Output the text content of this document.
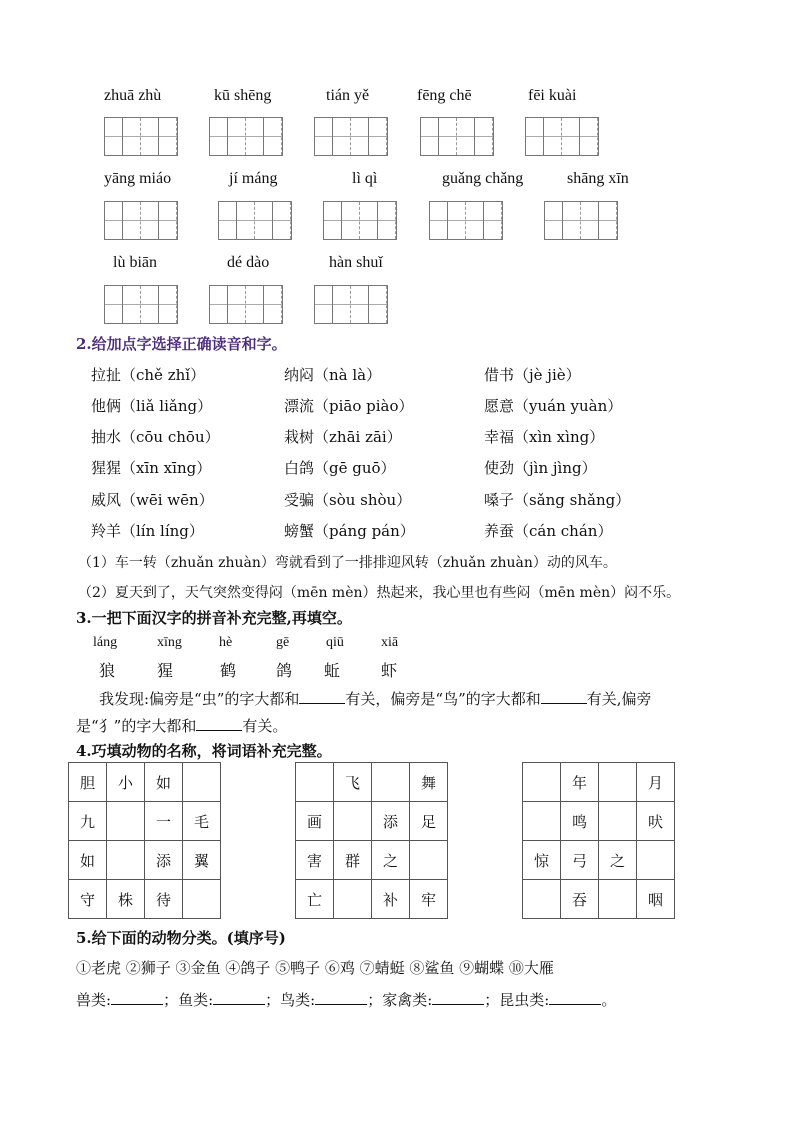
zhuā zhù	kū shēng	tián yě	fēng chē	fēi kuài
yāng miáo	jí máng	lì qì	guǎng chǎng	shāng xīn
lù biān	dé dào	hàn shuǐ
2.给加点字选择正确读音和字。
拉扯（chě zhǐ）	纳闷（nà là）	借书（jè jiè）
他俩（liǎ liǎng）	漂流（piāo piào）	愿意（yuán yuàn）
抽水（cōu chōu）	栽树（zhāi zāi）	幸福（xìn xìng）
猩猩（xīn xīng）	白鸽（gē guō）	使劲（jìn jìng）
威风（wēi wēn）	受骗（sòu shòu）	嗓子（sǎng shǎng）
羚羊（lín líng）	螃蟹（páng pán）	养蚕（cán chán）
（1）车一转（zhuǎn zhuàn）弯就看到了一排排迎风转（zhuǎn zhuàn）动的风车。
（2）夏天到了，天气突然变得闷（mēn mèn）热起来，我心里也有些闷（mēn mèn）闷不乐。
3.一把下面汉字的拼音补充完整,再填空。
láng	xīng	hè	gē	qiū	xiā
狼	猩	鹤 鸽 蚯	虾
我发现:偏旁是“虫”的字大都和	有关，偏旁是“鸟”的字大都和	有关,偏旁
是“犭”的字大都和	有关。
4.巧填动物的名称，将词语补充完整。
胆	小	如	
九		一	毛
如		添	翼
守	株	待	
	飞		舞
画		添	足
害	群	之	
亡		补	牢
	年		月
	鸣		吠
惊	弓	之	
	吞		咽
5.给下面的动物分类。(填序号)
①老虎 ②狮子 ③金鱼 ④鸽子 ⑤鸭子 ⑥鸡 ⑦蜻蜓 ⑧鲨鱼 ⑨蝴蝶 ⑩大雁
兽类:	；鱼类:	；鸟类:	；家禽类:	；昆虫类:	。
